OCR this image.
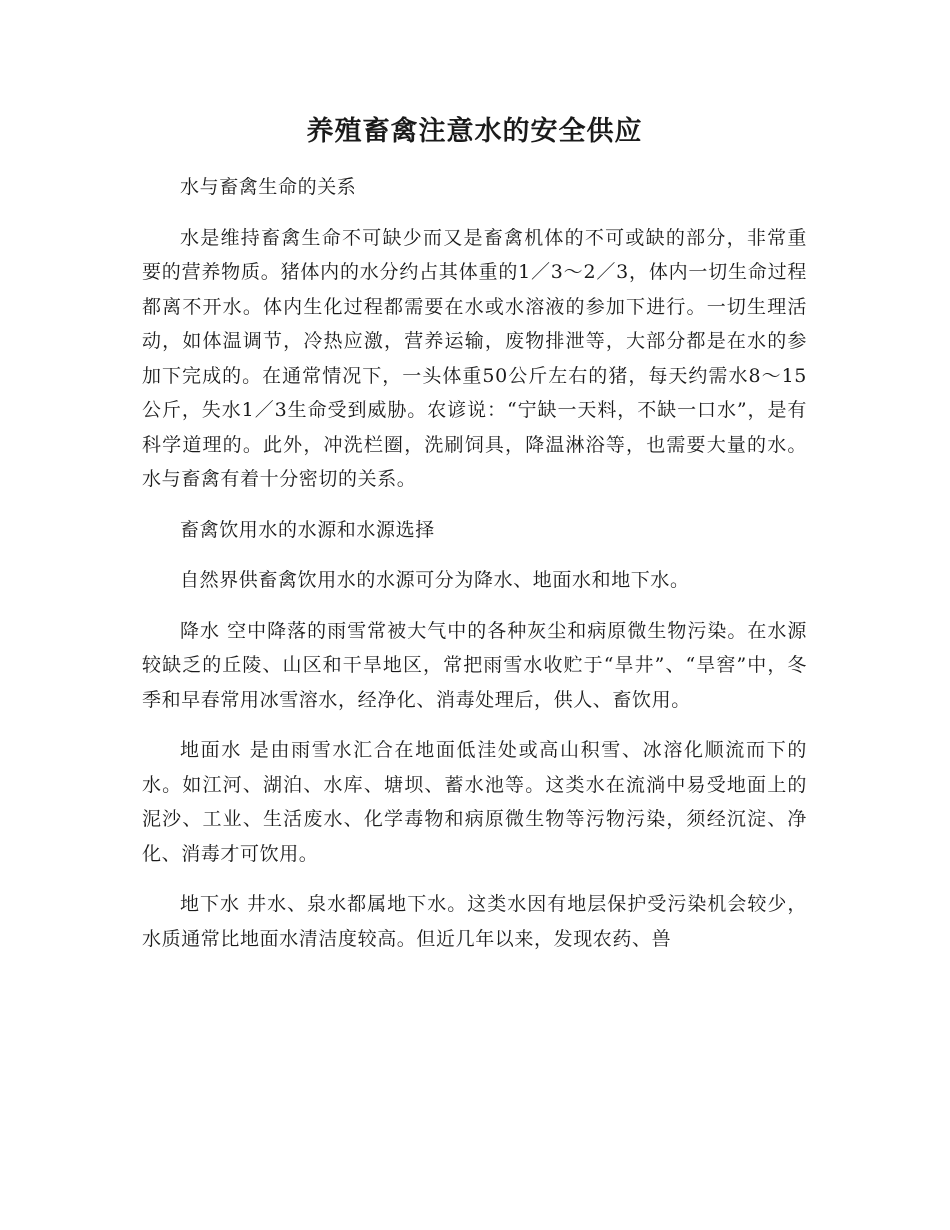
养殖畜禽注意水的安全供应

水与畜禽生命的关系

水是维持畜禽生命不可缺少而又是畜禽机体的不可或缺的部分，非常重要的营养物质。猪体内的水分约占其体重的1／3～2／3，体内一切生命过程都离不开水。体内生化过程都需要在水或水溶液的参加下进行。一切生理活动，如体温调节，冷热应激，营养运输，废物排泄等，大部分都是在水的参加下完成的。在通常情况下，一头体重50公斤左右的猪，每天约需水8～15公斤，失水1／3生命受到威胁。农谚说：“宁缺一天料，不缺一口水”，是有科学道理的。此外，冲洗栏圈，洗刷饲具，降温淋浴等，也需要大量的水。水与畜禽有着十分密切的关系。

畜禽饮用水的水源和水源选择

自然界供畜禽饮用水的水源可分为降水、地面水和地下水。

降水 空中降落的雨雪常被大气中的各种灰尘和病原微生物污染。在水源较缺乏的丘陵、山区和干旱地区，常把雨雪水收贮于“旱井”、“旱窖”中，冬季和早春常用冰雪溶水，经净化、消毒处理后，供人、畜饮用。

地面水 是由雨雪水汇合在地面低洼处或高山积雪、冰溶化顺流而下的水。如江河、湖泊、水库、塘坝、蓄水池等。这类水在流淌中易受地面上的泥沙、工业、生活废水、化学毒物和病原微生物等污物污染，须经沉淀、净化、消毒才可饮用。

地下水 井水、泉水都属地下水。这类水因有地层保护受污染机会较少，水质通常比地面水清洁度较高。但近几年以来，发现农药、兽
